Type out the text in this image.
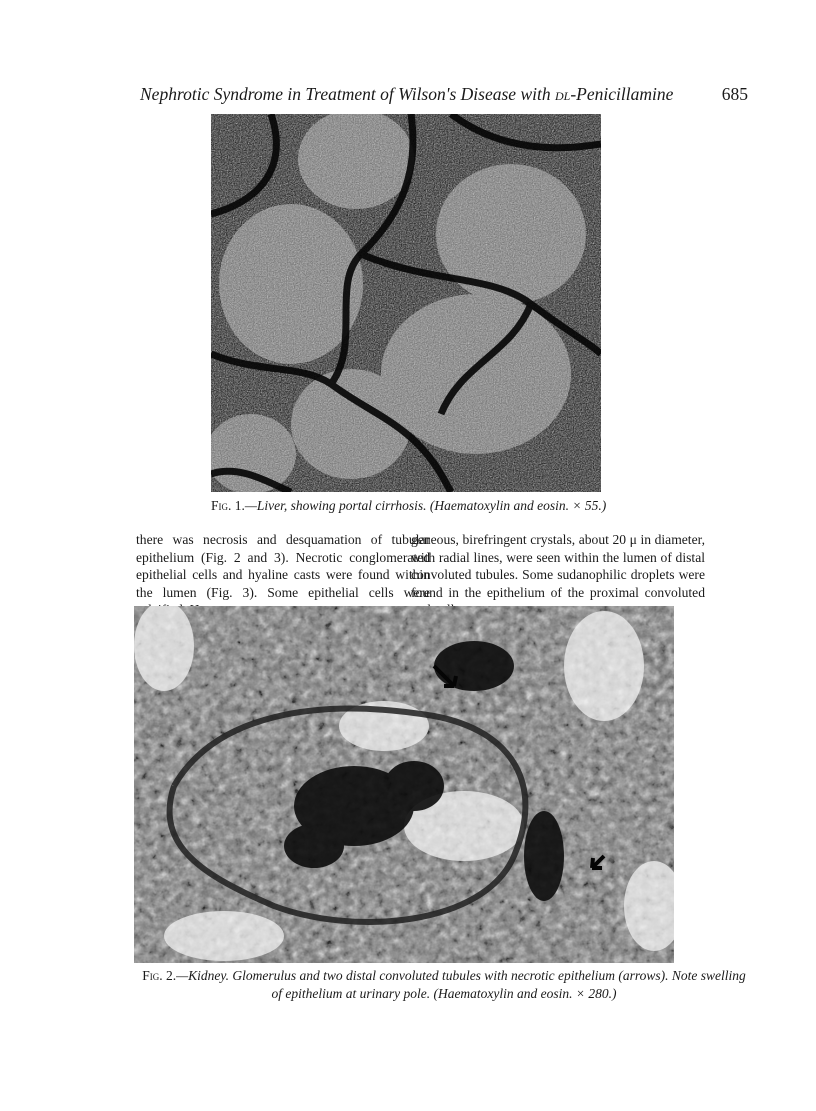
Nephrotic Syndrome in Treatment of Wilson's Disease with dl-Penicillamine	685
Fig. 1.—Liver, showing portal cirrhosis. (Haematoxylin and eosin. × 55.)
there was necrosis and desquamation of tubular epithelium (Fig. 2 and 3). Necrotic conglomerated epithelial cells and hyaline casts were found within the lumen (Fig. 3). Some epithelial cells were
geneous, birefringent crystals, about 20 μ in diameter, with radial lines, were seen within the lumen of distal convoluted tubules. Some sudanophilic droplets were found in the epithelium of the proximal convoluted
Fig. 2.—Kidney. Glomerulus and two distal convoluted tubules with necrotic epithelium (arrows). Note swelling of epithelium at urinary pole. (Haematoxylin and eosin. × 280.)
